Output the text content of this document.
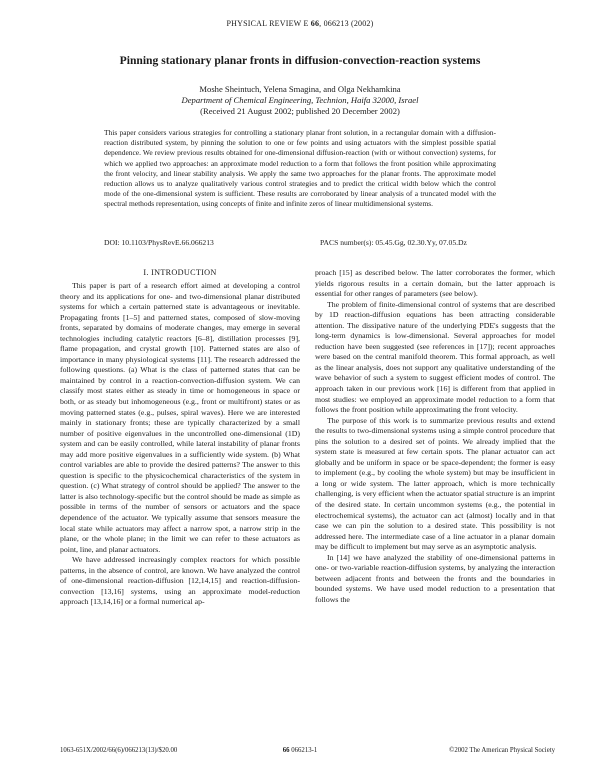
PHYSICAL REVIEW E 66, 066213 (2002)
Pinning stationary planar fronts in diffusion-convection-reaction systems
Moshe Sheintuch, Yelena Smagina, and Olga Nekhamkina
Department of Chemical Engineering, Technion, Haifa 32000, Israel
(Received 21 August 2002; published 20 December 2002)
This paper considers various strategies for controlling a stationary planar front solution, in a rectangular domain with a diffusion-reaction distributed system, by pinning the solution to one or few points and using actuators with the simplest possible spatial dependence. We review previous results obtained for one-dimensional diffusion-reaction (with or without convection) systems, for which we applied two approaches: an approximate model reduction to a form that follows the front position while approximating the front velocity, and linear stability analysis. We apply the same two approaches for the planar fronts. The approximate model reduction allows us to analyze qualitatively various control strategies and to predict the critical width below which the control mode of the one-dimensional system is sufficient. These results are corroborated by linear analysis of a truncated model with the spectral methods representation, using concepts of finite and infinite zeros of linear multidimensional systems.
DOI: 10.1103/PhysRevE.66.066213	PACS number(s): 05.45.Gg, 02.30.Yy, 07.05.Dz
I. INTRODUCTION

This paper is part of a research effort aimed at developing a control theory and its applications for one- and two-dimensional planar distributed systems for which a certain patterned state is advantageous or inevitable. Propagating fronts [1–5] and patterned states, composed of slow-moving fronts, separated by domains of moderate changes, may emerge in several technologies including catalytic reactors [6–8], distillation processes [9], flame propagation, and crystal growth [10]. Patterned states are also of importance in many physiological systems [11]. The research addressed the following questions. (a) What is the class of patterned states that can be maintained by control in a reaction-convection-diffusion system. We can classify most states either as steady in time or homogeneous in space or both, or as steady but inhomogeneous (e.g., front or multifront) states or as moving patterned states (e.g., pulses, spiral waves). Here we are interested mainly in stationary fronts; these are typically characterized by a small number of positive eigenvalues in the uncontrolled one-dimensional (1D) system and can be easily controlled, while lateral instability of planar fronts may add more positive eigenvalues in a sufficiently wide system. (b) What control variables are able to provide the desired patterns? The answer to this question is specific to the physicochemical characteristics of the system in question. (c) What strategy of control should be applied? The answer to the latter is also technology-specific but the control should be made as simple as possible in terms of the number of sensors or actuators and the space dependence of the actuator. We typically assume that sensors measure the local state while actuators may affect a narrow spot, a narrow strip in the plane, or the whole plane; in the limit we can refer to these actuators as point, line, and planar actuators.

We have addressed increasingly complex reactors for which possible patterns, in the absence of control, are known. We have analyzed the control of one-dimensional reaction-diffusion [12,14,15] and reaction-diffusion-convection [13,16] systems, using an approximate model-reduction approach [13,14,16] or a formal numerical ap-

proach [15] as described below. The latter corroborates the former, which yields rigorous results in a certain domain, but the latter approach is essential for other ranges of parameters (see below).

The problem of finite-dimensional control of systems that are described by 1D reaction-diffusion equations has been attracting considerable attention. The dissipative nature of the underlying PDE's suggests that the long-term dynamics is low-dimensional. Several approaches for model reduction have been suggested (see references in [17]); recent approaches were based on the central manifold theorem. This formal approach, as well as the linear analysis, does not support any qualitative understanding of the wave behavior of such a system to suggest efficient modes of control. The approach taken in our previous work [16] is different from that applied in most studies: we employed an approximate model reduction to a form that follows the front position while approximating the front velocity.

The purpose of this work is to summarize previous results and extend the results to two-dimensional systems using a simple control procedure that pins the solution to a desired set of points. We already implied that the system state is measured at few certain spots. The planar actuator can act globally and be uniform in space or be space-dependent; the former is easy to implement (e.g., by cooling the whole system) but may be insufficient in a long or wide system. The latter approach, which is more technically challenging, is very efficient when the actuator spatial structure is an imprint of the desired state. In certain uncommon systems (e.g., the potential in electrochemical systems), the actuator can act (almost) locally and in that case we can pin the solution to a desired state. This possibility is not addressed here. The intermediate case of a line actuator in a planar domain may be difficult to implement but may serve as an asymptotic analysis.

In [14] we have analyzed the stability of one-dimensional patterns in one- or two-variable reaction-diffusion systems, by analyzing the interaction between adjacent fronts and between the fronts and the boundaries in bounded systems. We have used model reduction to a presentation that follows the

1063-651X/2002/66(6)/066213(13)/$20.00	66 066213-1	©2002 The American Physical Society
